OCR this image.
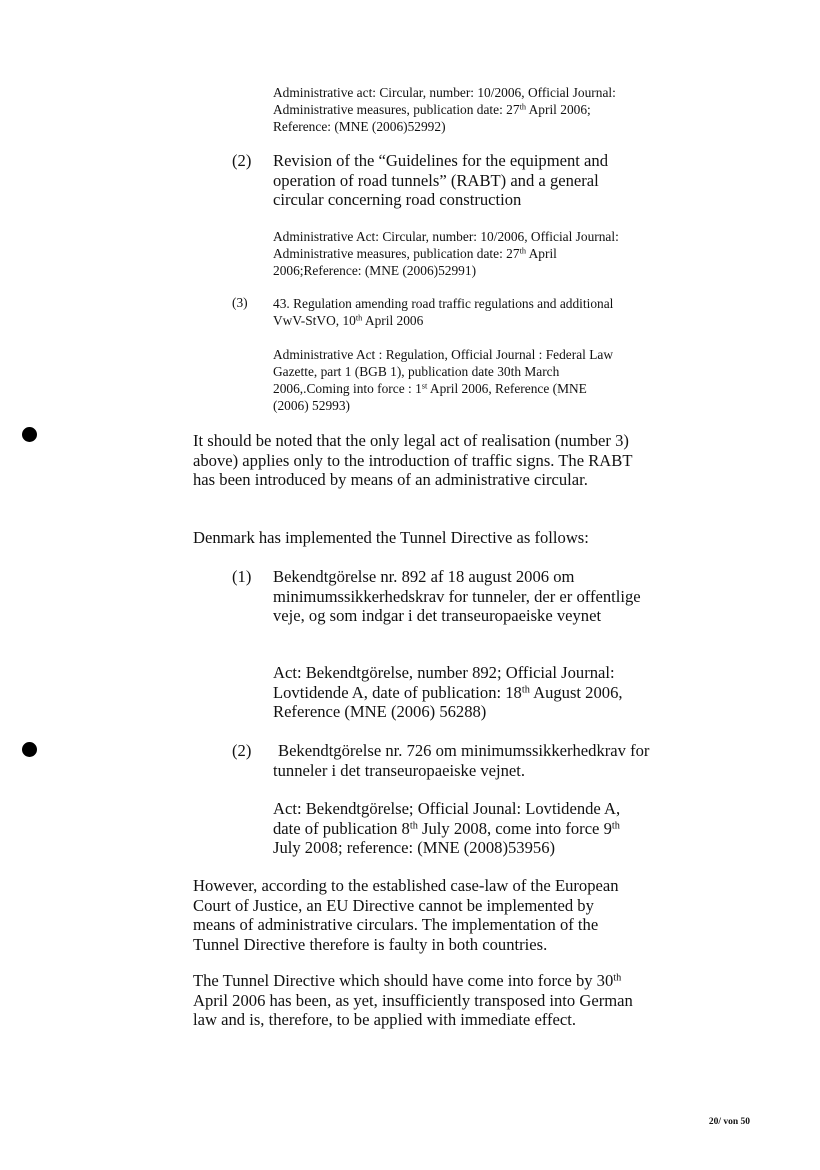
Administrative act: Circular, number: 10/2006, Official Journal:
Administrative measures, publication date: 27th April 2006;
Reference: (MNE (2006)52992)
(2) Revision of the “Guidelines for the equipment and operation of road tunnels” (RABT) and a general circular concerning road construction
Administrative Act: Circular, number: 10/2006, Official Journal:
Administrative measures, publication date: 27th April
2006;Reference: (MNE (2006)52991)
(3) 43. Regulation amending road traffic regulations and additional
VwV-StVO, 10th April 2006
Administrative Act : Regulation, Official Journal : Federal Law
Gazette, part 1 (BGB 1), publication date 30th March
2006,.Coming into force : 1st April 2006, Reference (MNE
(2006) 52993)
It should be noted that the only legal act of realisation (number 3) above) applies only to the introduction of traffic signs. The RABT has been introduced by means of an administrative circular.
Denmark has implemented the Tunnel Directive as follows:
(1) Bekendtgörelse nr. 892 af 18 august 2006 om minimumssikkerhedskrav for tunneler, der er offentlige veje, og som indgar i det transeuropaeiske veynet
Act: Bekendtgörelse, number 892; Official Journal:
Lovtidende A, date of publication: 18th August 2006,
Reference (MNE (2006) 56288)
(2)	Bekendtgörelse nr. 726 om minimumssikkerhedkrav for tunneler i det transeuropaeiske vejnet.
Act: Bekendtgörelse; Official Jounal: Lovtidende A,
date of publication 8th July 2008, come into force 9th
July 2008; reference: (MNE (2008)53956)
However, according to the established case-law of the European Court of Justice, an EU Directive cannot be implemented by means of administrative circulars. The implementation of the Tunnel Directive therefore is faulty in both countries.
The Tunnel Directive which should have come into force by 30th April 2006 has been, as yet, insufficiently transposed into German law and is, therefore, to be applied with immediate effect.
20/ von 50
